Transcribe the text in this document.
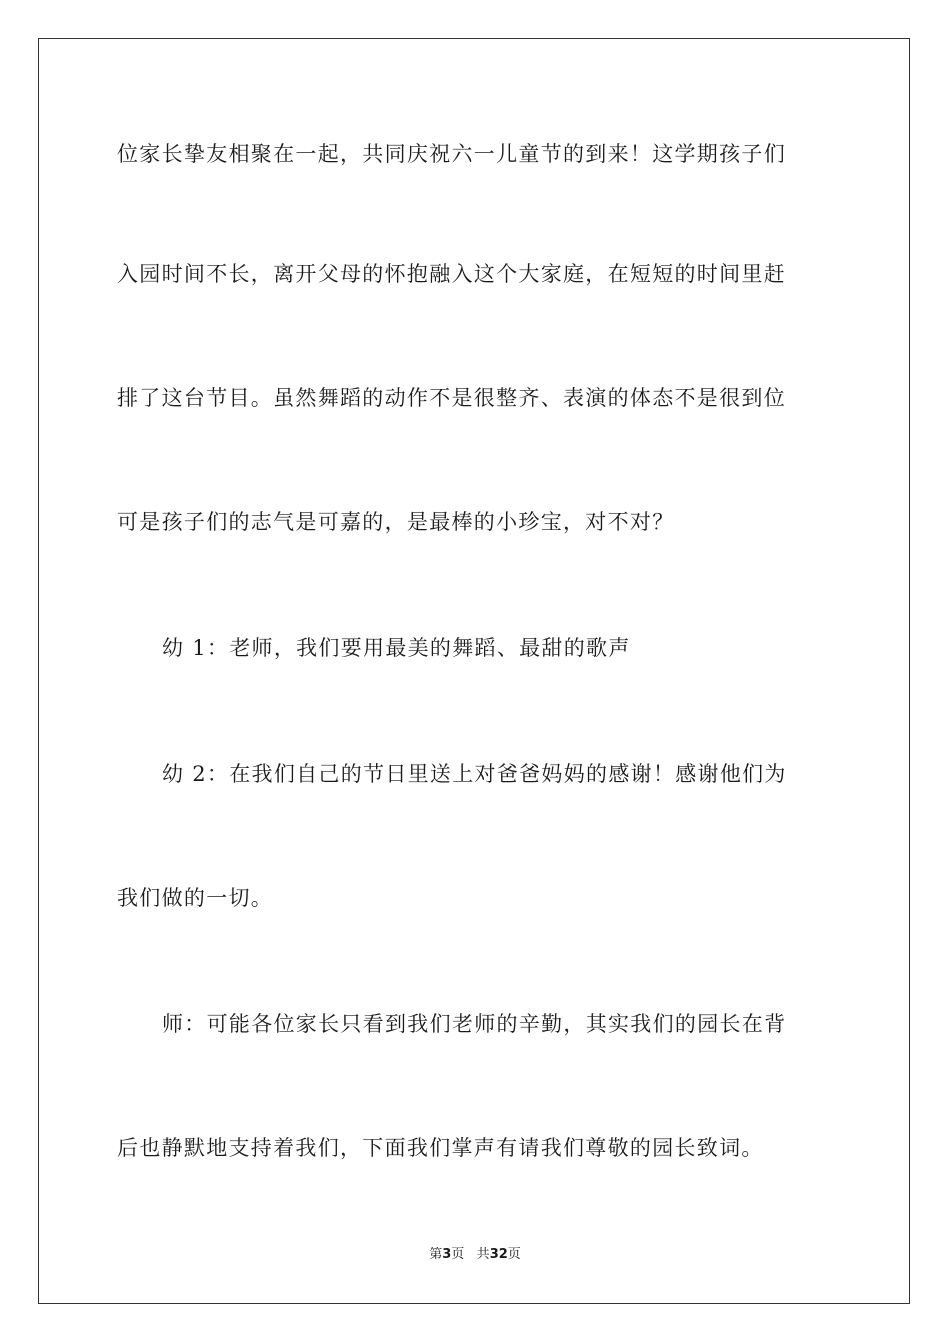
位家长挚友相聚在一起，共同庆祝六一儿童节的到来！这学期孩子们
入园时间不长，离开父母的怀抱融入这个大家庭，在短短的时间里赶
排了这台节目。虽然舞蹈的动作不是很整齐、表演的体态不是很到位
可是孩子们的志气是可嘉的，是最棒的小珍宝，对不对？
幼 1：老师，我们要用最美的舞蹈、最甜的歌声
幼 2：在我们自己的节日里送上对爸爸妈妈的感谢！感谢他们为
我们做的一切。
师：可能各位家长只看到我们老师的辛勤，其实我们的园长在背
后也静默地支持着我们，下面我们掌声有请我们尊敬的园长致词。
第3页 共32页
